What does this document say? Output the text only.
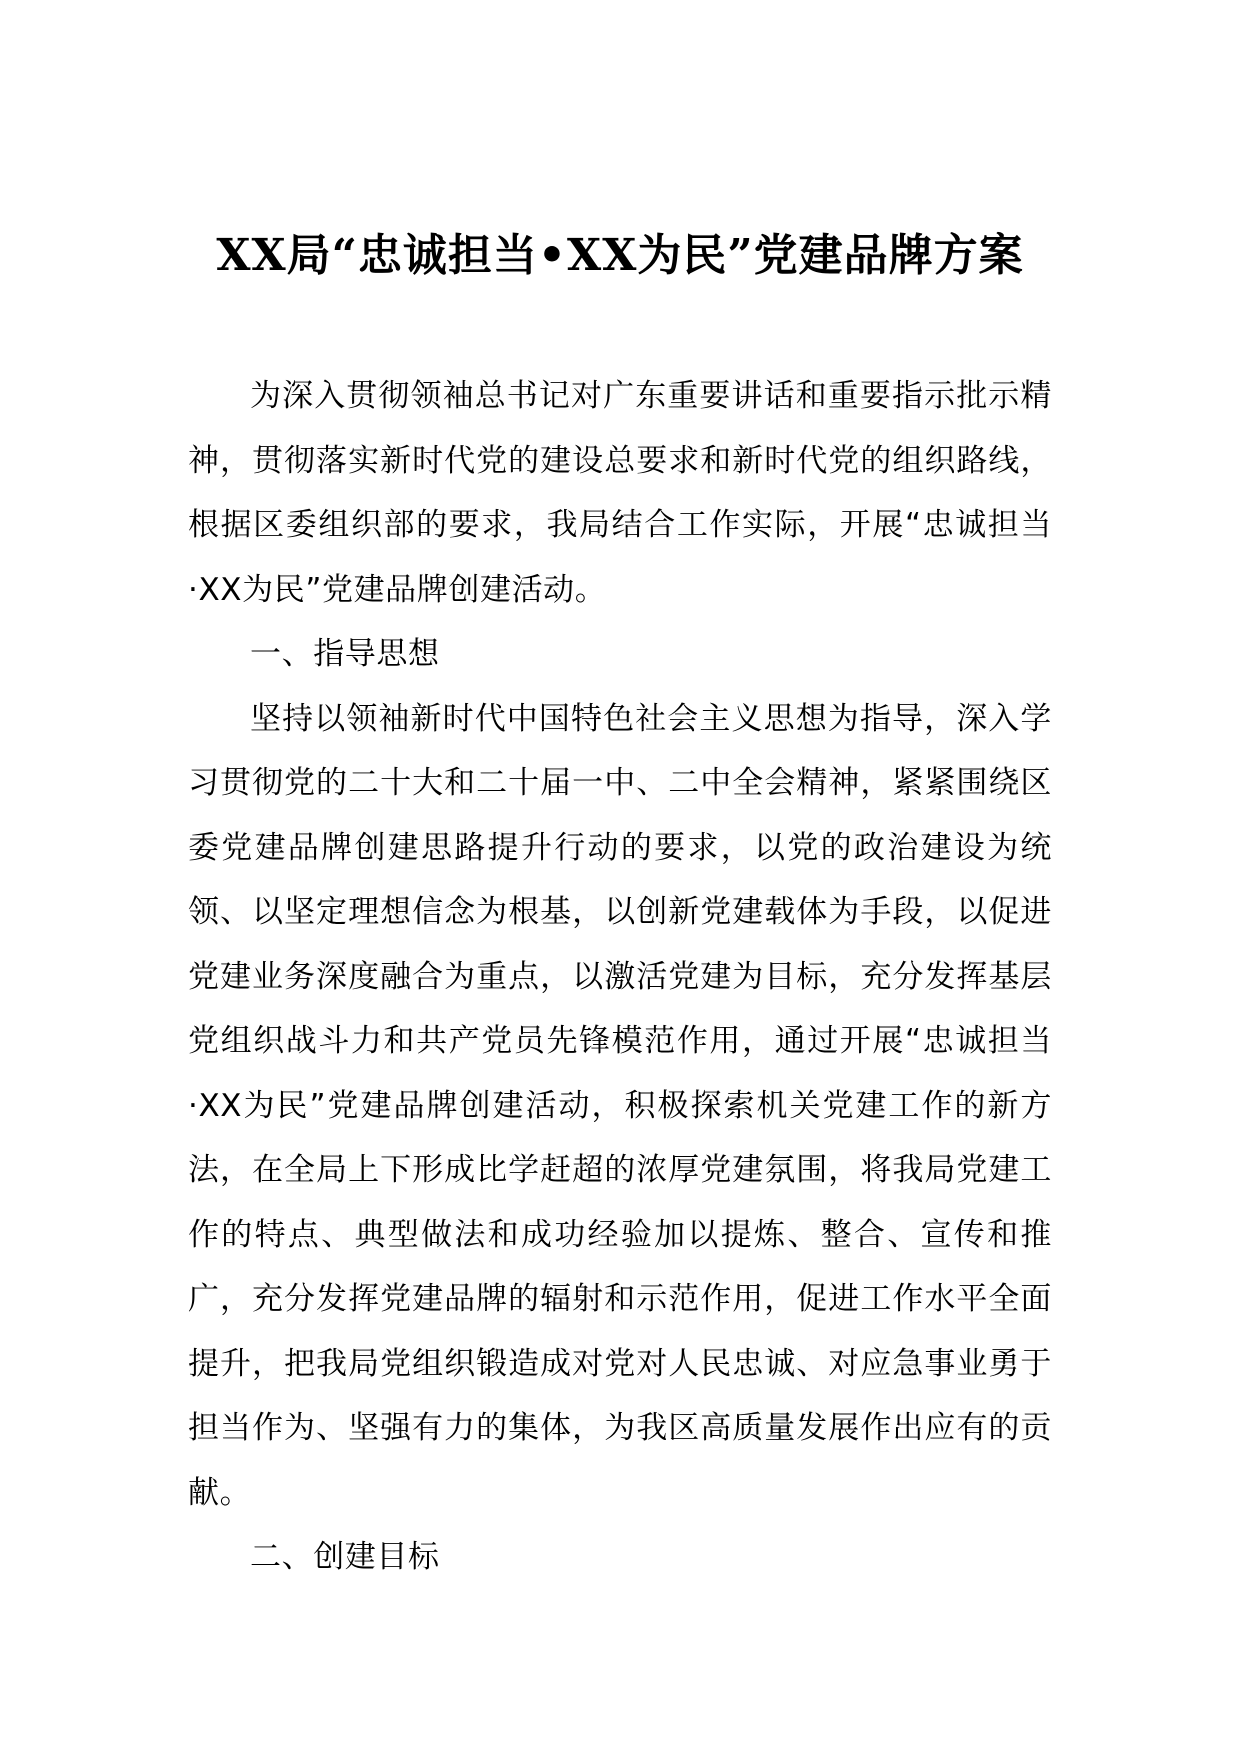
XX局“忠诚担当•XX为民”党建品牌方案

为深入贯彻领袖总书记对广东重要讲话和重要指示批示精神，贯彻落实新时代党的建设总要求和新时代党的组织路线，根据区委组织部的要求，我局结合工作实际，开展“忠诚担当·XX为民”党建品牌创建活动。

一、指导思想

坚持以领袖新时代中国特色社会主义思想为指导，深入学习贯彻党的二十大和二十届一中、二中全会精神，紧紧围绕区委党建品牌创建思路提升行动的要求，以党的政治建设为统领、以坚定理想信念为根基，以创新党建载体为手段，以促进党建业务深度融合为重点，以激活党建为目标，充分发挥基层党组织战斗力和共产党员先锋模范作用，通过开展“忠诚担当·XX为民”党建品牌创建活动，积极探索机关党建工作的新方法，在全局上下形成比学赶超的浓厚党建氛围，将我局党建工作的特点、典型做法和成功经验加以提炼、整合、宣传和推广，充分发挥党建品牌的辐射和示范作用，促进工作水平全面提升，把我局党组织锻造成对党对人民忠诚、对应急事业勇于担当作为、坚强有力的集体，为我区高质量发展作出应有的贡献。

二、创建目标
